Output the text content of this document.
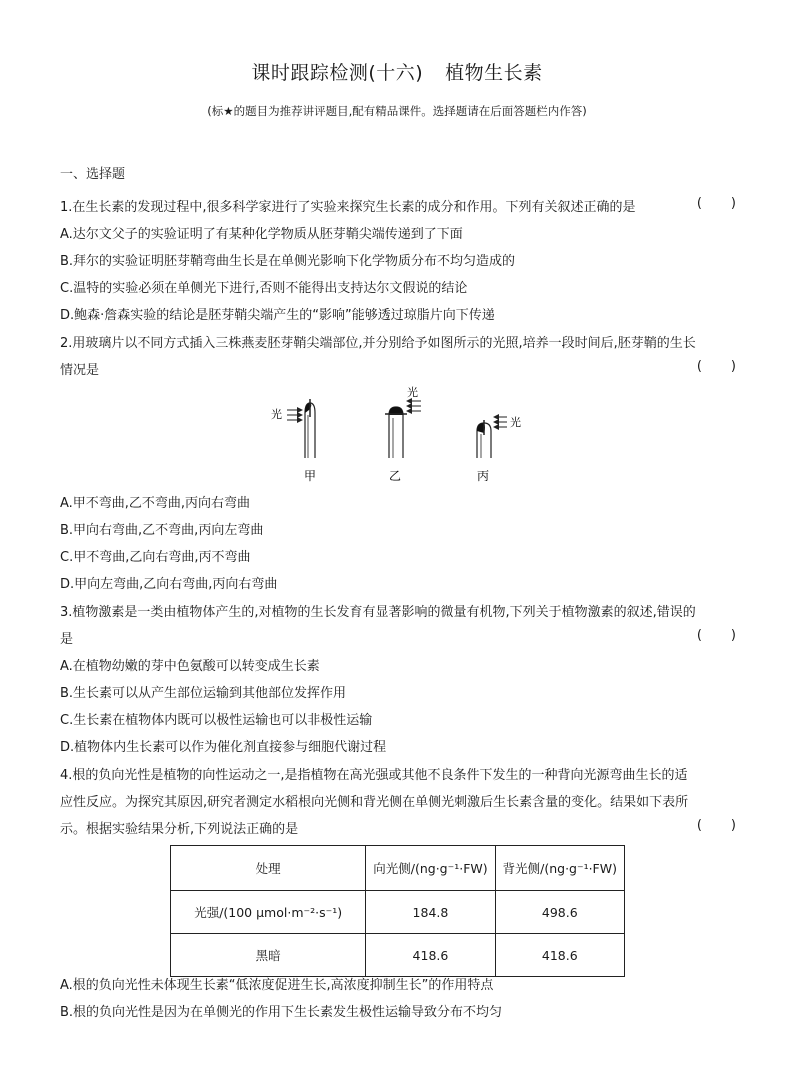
课时跟踪检测(十六) 植物生长素
(标★的题目为推荐讲评题目,配有精品课件。选择题请在后面答题栏内作答)
一、选择题
1.在生长素的发现过程中,很多科学家进行了实验来探究生长素的成分和作用。下列有关叙述正确的是	(       )
A.达尔文父子的实验证明了有某种化学物质从胚芽鞘尖端传递到了下面
B.拜尔的实验证明胚芽鞘弯曲生长是在单侧光影响下化学物质分布不均匀造成的
C.温特的实验必须在单侧光下进行,否则不能得出支持达尔文假说的结论
D.鲍森·詹森实验的结论是胚芽鞘尖端产生的“影响”能够透过琼脂片向下传递
2.用玻璃片以不同方式插入三株燕麦胚芽鞘尖端部位,并分别给予如图所示的光照,培养一段时间后,胚芽鞘的生长
情况是	(       )
光
甲
光
乙
光
丙
A.甲不弯曲,乙不弯曲,丙向右弯曲
B.甲向右弯曲,乙不弯曲,丙向左弯曲
C.甲不弯曲,乙向右弯曲,丙不弯曲
D.甲向左弯曲,乙向右弯曲,丙向右弯曲
3.植物激素是一类由植物体产生的,对植物的生长发育有显著影响的微量有机物,下列关于植物激素的叙述,错误的
是	(       )
A.在植物幼嫩的芽中色氨酸可以转变成生长素
B.生长素可以从产生部位运输到其他部位发挥作用
C.生长素在植物体内既可以极性运输也可以非极性运输
D.植物体内生长素可以作为催化剂直接参与细胞代谢过程
4.根的负向光性是植物的向性运动之一,是指植物在高光强或其他不良条件下发生的一种背向光源弯曲生长的适
应性反应。为探究其原因,研究者测定水稻根向光侧和背光侧在单侧光刺激后生长素含量的变化。结果如下表所
示。根据实验结果分析,下列说法正确的是	(       )
处理	向光侧/(ng·g⁻¹·FW)	背光侧/(ng·g⁻¹·FW)
光强/(100 μmol·m⁻²·s⁻¹)	184.8	498.6
黑暗	418.6	418.6
A.根的负向光性未体现生长素“低浓度促进生长,高浓度抑制生长”的作用特点
B.根的负向光性是因为在单侧光的作用下生长素发生极性运输导致分布不均匀
